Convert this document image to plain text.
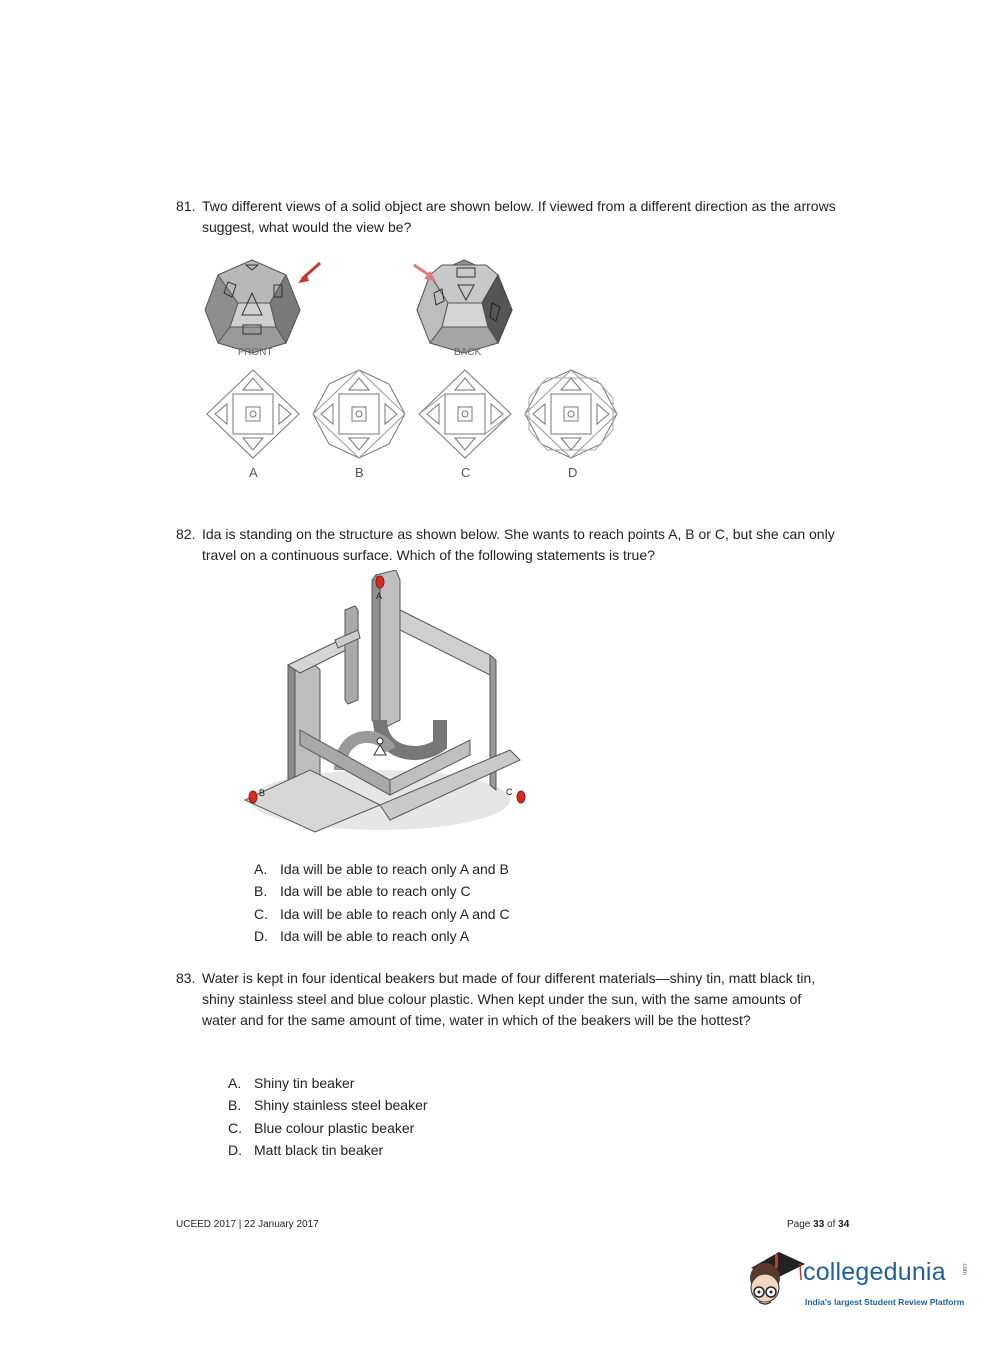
81. Two different views of a solid object are shown below. If viewed from a different direction as the arrows suggest, what would the view be?
FRONT	BACK
A	B	C	D
82. Ida is standing on the structure as shown below. She wants to reach points A, B or C, but she can only travel on a continuous surface. Which of the following statements is true?
A
B	C
A. Ida will be able to reach only A and B
B. Ida will be able to reach only C
C. Ida will be able to reach only A and C
D. Ida will be able to reach only A
83. Water is kept in four identical beakers but made of four different materials—shiny tin, matt black tin, shiny stainless steel and blue colour plastic. When kept under the sun, with the same amounts of water and for the same amount of time, water in which of the beakers will be the hottest?
A. Shiny tin beaker
B. Shiny stainless steel beaker
C. Blue colour plastic beaker
D. Matt black tin beaker
UCEED 2017 | 22 January 2017	Page 33 of 34
collegedunia	.com
India's largest Student Review Platform
